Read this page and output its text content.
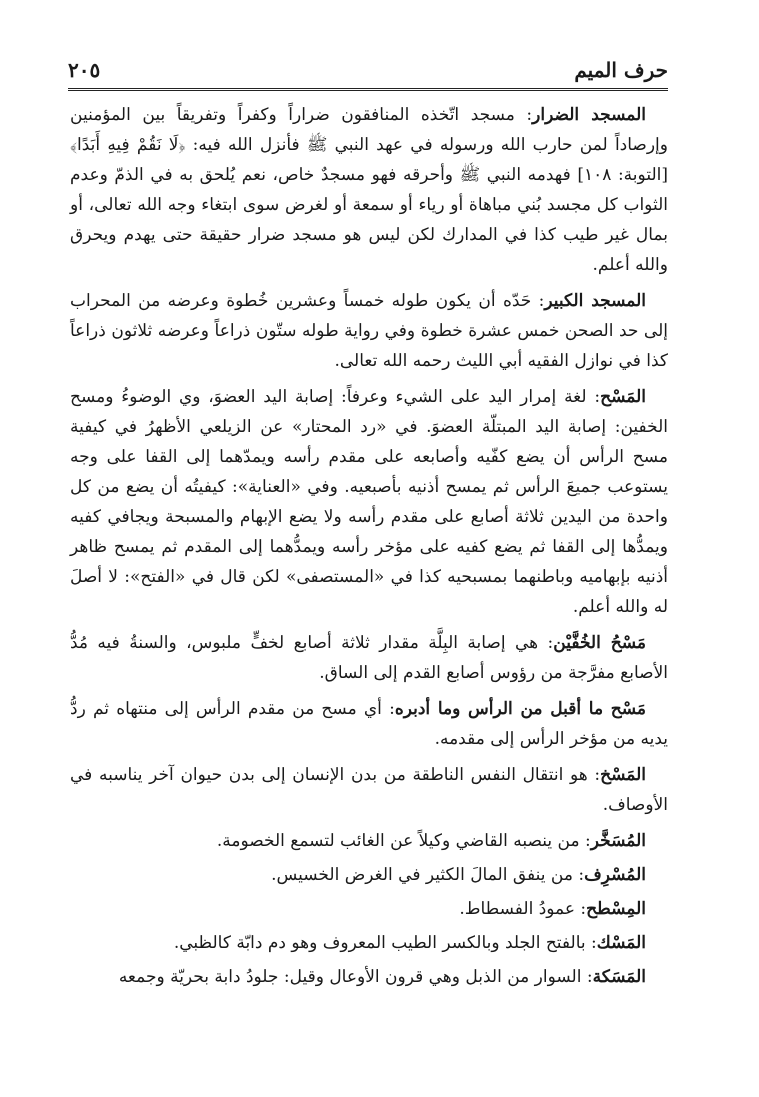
حرف الميم
٢٠٥

المسجد الضرار: مسجد اتّخذه المنافقون ضراراً وكفراً وتفريقاً بين المؤمنين وإرصاداً لمن حارب الله ورسوله في عهد النبي ﷺ فأنزل الله فيه: ﴿لَا نَقُمْ فِيهِ أَبَدًا﴾ [التوبة: ١٠٨] فهدمه النبي ﷺ وأحرقه فهو مسجدٌ خاص، نعم يُلحق به في الذمّ وعدم الثواب كل مجسد بُني مباهاة أو رياء أو سمعة أو لغرض سوى ابتغاء وجه الله تعالى، أو بمال غير طيب كذا في المدارك لكن ليس هو مسجد ضرار حقيقة حتى يهدم ويحرق والله أعلم.

المسجد الكبير: حَدّه أن يكون طوله خمساً وعشرين خُطوة وعرضه من المحراب إلى حد الصحن خمس عشرة خطوة وفي رواية طوله ستّون ذراعاً وعرضه ثلاثون ذراعاً كذا في نوازل الفقيه أبي الليث رحمه الله تعالى.

المَسْح: لغة إمرار اليد على الشيء وعرفاً: إصابة اليد العضوَ، وي الوضوءُ ومسح الخفين: إصابة اليد المبتلّة العضوَ. في «رد المحتار» عن الزيلعي الأظهرُ في كيفية مسح الرأس أن يضع كفّيه وأصابعه على مقدم رأسه ويمدّهما إلى القفا على وجه يستوعب جميعَ الرأس ثم يمسح أذنيه بأصبعيه. وفي «العناية»: كيفيتُه أن يضع من كل واحدة من اليدين ثلاثة أصابع على مقدم رأسه ولا يضع الإبهام والمسبحة ويجافي كفيه ويمدُّها إلى القفا ثم يضع كفيه على مؤخر رأسه ويمدُّهما إلى المقدم ثم يمسح ظاهر أذنيه بإبهاميه وباطنهما بمسبحيه كذا في «المستصفى» لكن قال في «الفتح»: لا أصلَ له والله أعلم.

مَسْحُ الخُفَّيْن: هي إصابة البِلَّة مقدار ثلاثة أصابع لخفٍّ ملبوس، والسنةُ فيه مُدُّ الأصابع مفرَّجة من رؤوس أصابع القدم إلى الساق.

مَسْح ما أقبل من الرأس وما أدبره: أي مسح من مقدم الرأس إلى منتهاه ثم ردُّ يديه من مؤخر الرأس إلى مقدمه.

المَسْخ: هو انتقال النفس الناطقة من بدن الإنسان إلى بدن حيوان آخر يناسبه في الأوصاف.

المُسَخَّر: من ينصبه القاضي وكيلاً عن الغائب لتسمع الخصومة.

المُسْرِف: من ينفق المالَ الكثير في الغرض الخسيس.

المِسْطح: عمودُ الفسطاط.

المَسْك: بالفتح الجلد وبالكسر الطيب المعروف وهو دم دابّة كالظبي.

المَسَكة: السوار من الذبل وهي قرون الأوعال وقيل: جلودُ دابة بحريّة وجمعه
